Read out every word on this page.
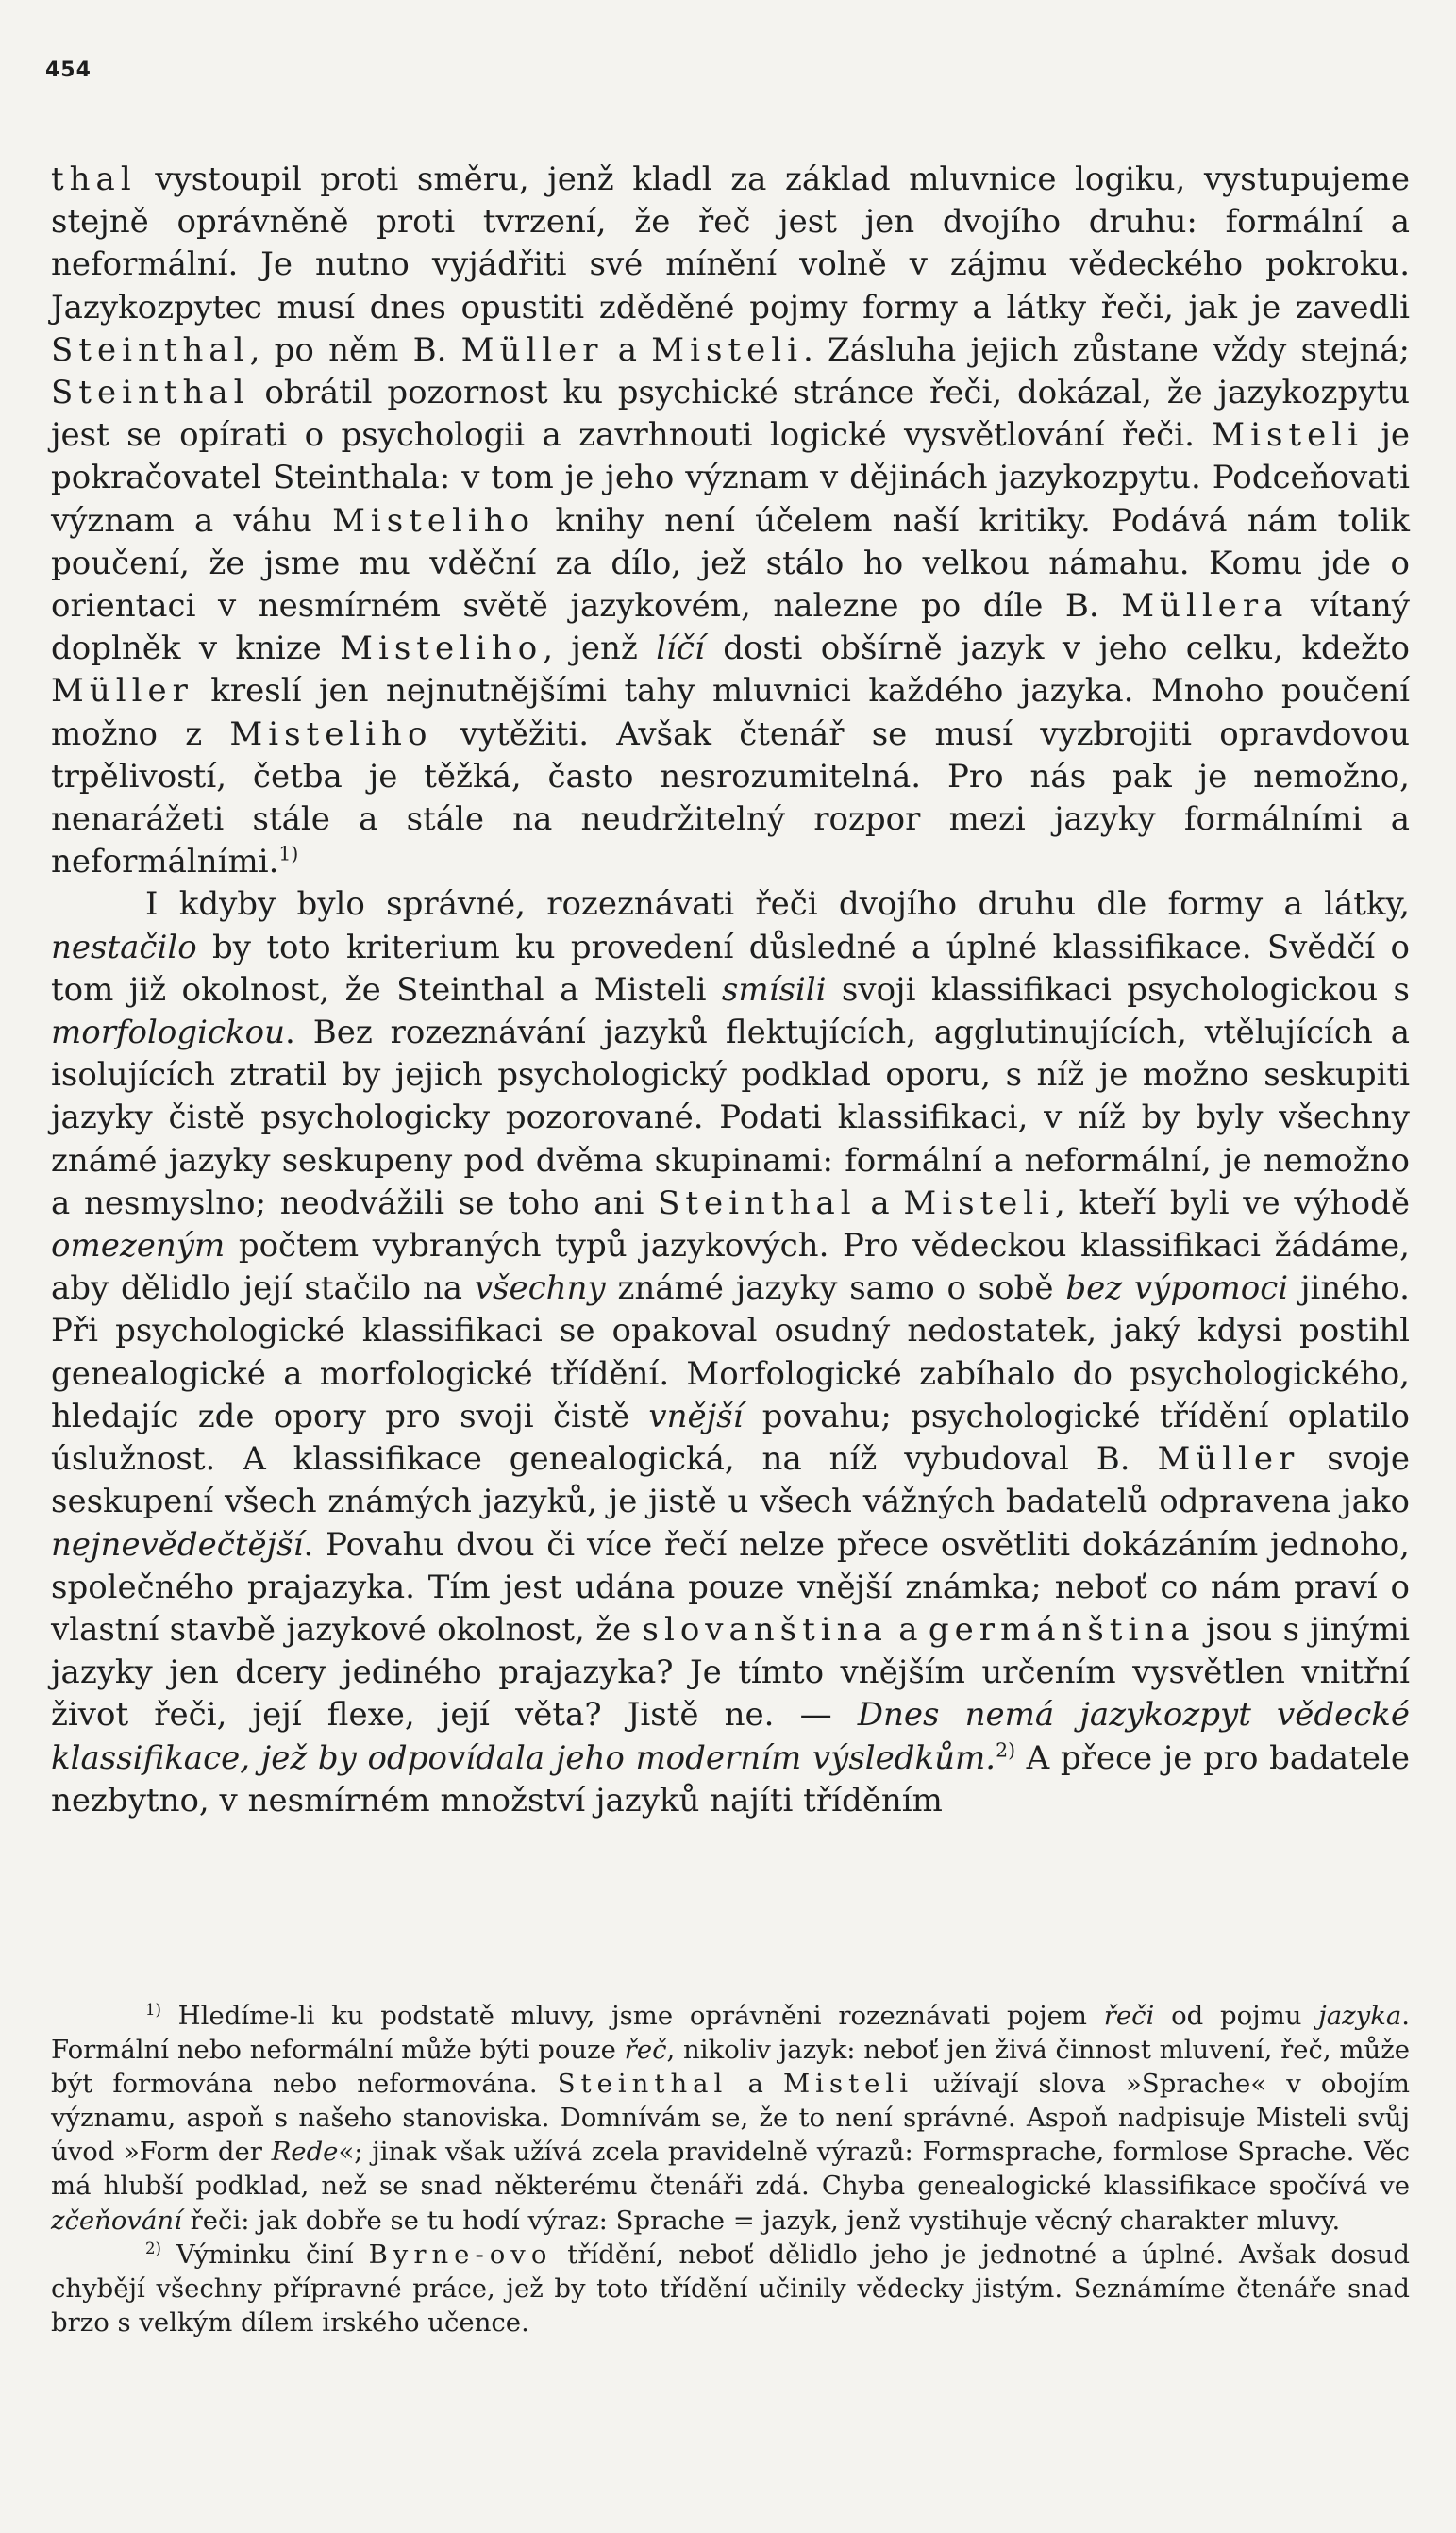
454

thal vystoupil proti směru, jenž kladl za základ mluvnice logiku, vystupujeme stejně oprávněně proti tvrzení, že řeč jest jen dvojího druhu: formální a neformální. Je nutno vyjádřiti své mínění volně v zájmu vědeckého pokroku. Jazykozpytec musí dnes opustiti zděděné pojmy formy a látky řeči, jak je zavedli Steinthal, po něm B. Müller a Misteli. Zásluha jejich zůstane vždy stejná; Steinthal obrátil pozornost ku psychické stránce řeči, dokázal, že jazykozpytu jest se opírati o psychologii a zavrhnouti logické vysvětlování řeči. Misteli je pokračovatel Steinthala: v tom je jeho význam v dějinách jazykozpytu. Podceňovati význam a váhu Misteliho knihy není účelem naší kritiky. Podává nám tolik poučení, že jsme mu vděční za dílo, jež stálo ho velkou námahu. Komu jde o orientaci v nesmírném světě jazykovém, nalezne po díle B. Müllera vítaný doplněk v knize Misteliho, jenž líčí dosti obšírně jazyk v jeho celku, kdežto Müller kreslí jen nejnutnějšími tahy mluvnici každého jazyka. Mnoho poučení možno z Misteliho vytěžiti. Avšak čtenář se musí vyzbrojiti opravdovou trpělivostí, četba je těžká, často nesrozumitelná. Pro nás pak je nemožno, nenarážeti stále a stále na neudržitelný rozpor mezi jazyky formálními a neformálními.$^{1)}$

I kdyby bylo správné, rozeznávati řeči dvojího druhu dle formy a látky, nestačilo by toto kriterium ku provedení důsledné a úplné klassifikace. Svědčí o tom již okolnost, že Steinthal a Misteli smísili svoji klassifikaci psychologickou s morfologickou. Bez rozeznávání jazyků flektujících, agglutinujících, vtělujících a isolujících ztratil by jejich psychologický podklad oporu, s níž je možno seskupiti jazyky čistě psychologicky pozorované. Podati klassifikaci, v níž by byly všechny známé jazyky seskupeny pod dvěma skupinami: formální a neformální, je nemožno a nesmyslno; neodvážili se toho ani Steinthal a Misteli, kteří byli ve výhodě omezeným počtem vybraných typů jazykových. Pro vědeckou klassifikaci žádáme, aby dělidlo její stačilo na všechny známé jazyky samo o sobě bez výpomoci jiného. Při psychologické klassifikaci se opakoval osudný nedostatek, jaký kdysi postihl genealogické a morfologické třídění. Morfologické zabíhalo do psychologického, hledajíc zde opory pro svoji čistě vnější povahu; psychologické třídění oplatilo úslužnost. A klassifikace genealogická, na níž vybudoval B. Müller svoje seskupení všech známých jazyků, je jistě u všech vážných badatelů odpravena jako nejnevědečtější. Povahu dvou či více řečí nelze přece osvětliti dokázáním jednoho, společného prajazyka. Tím jest udána pouze vnější známka; neboť co nám praví o vlastní stavbě jazykové okolnost, že slovanština a germánština jsou s jinými jazyky jen dcery jediného prajazyka? Je tímto vnějším určením vysvětlen vnitřní život řeči, její flexe, její věta? Jistě ne. — Dnes nemá jazykozpyt vědecké klassifikace, jež by odpovídala jeho moderním výsledkům.$^{2)}$ A přece je pro badatele nezbytno, v nesmírném množství jazyků najíti tříděním

$^{1)}$ Hledíme-li ku podstatě mluvy, jsme oprávněni rozeznávati pojem řeči od pojmu jazyka. Formální nebo neformální může býti pouze řeč, nikoliv jazyk: neboť jen živá činnost mluvení, řeč, může být formována nebo neformována. Steinthal a Misteli užívají slova »Sprache« v obojím významu, aspoň s našeho stanoviska. Domnívám se, že to není správné. Aspoň nadpisuje Misteli svůj úvod »Form der Rede«; jinak však užívá zcela pravidelně výrazů: Formsprache, formlose Sprache. Věc má hlubší podklad, než se snad některému čtenáři zdá. Chyba genealogické klassifikace spočívá ve zčeňování řeči: jak dobře se tu hodí výraz: Sprache = jazyk, jenž vystihuje věcný charakter mluvy.

$^{2)}$ Výminku činí Byrne-ovo třídění, neboť dělidlo jeho je jednotné a úplné. Avšak dosud chybějí všechny přípravné práce, jež by toto třídění učinily vědecky jistým. Seznámíme čtenáře snad brzo s velkým dílem irského učence.
